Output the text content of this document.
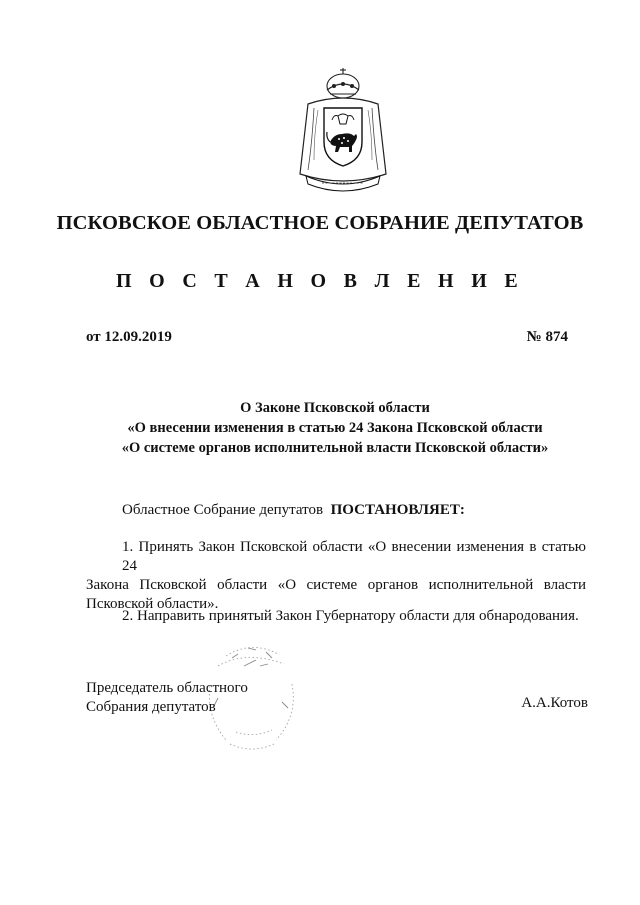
ПСКОВСКОЕ ОБЛАСТНОЕ СОБРАНИЕ ДЕПУТАТОВ
П О С Т А Н О В Л Е Н И Е
от 12.09.2019	№ 874
О Законе Псковской области
«О внесении изменения в статью 24 Закона Псковской области
«О системе органов исполнительной власти Псковской области»
Областное Собрание депутатов ПОСТАНОВЛЯЕТ:
1. Принять Закон Псковской области «О внесении изменения в статью 24
Закона Псковской области «О системе органов исполнительной власти
Псковской области».
2. Направить принятый Закон Губернатору области для обнародования.
Председатель областного
Собрания депутатов	А.А.Котов
